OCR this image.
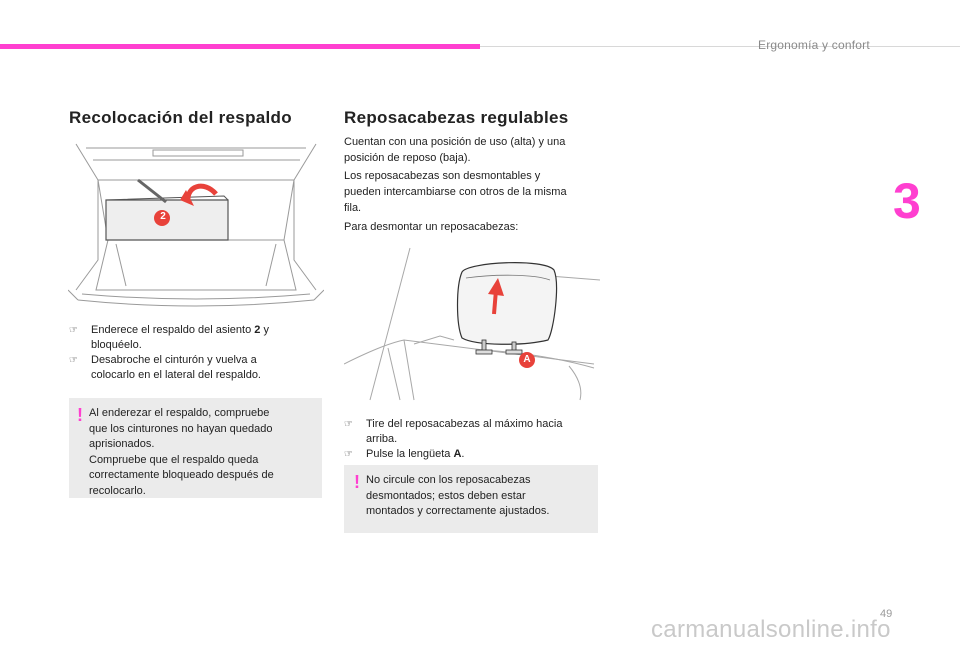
Ergonomía y confort
3
Recolocación del respaldo
2
☞ Enderece el respaldo del asiento 2 y
bloquéelo.
☞ Desabroche el cinturón y vuelva a
colocarlo en el lateral del respaldo.
! Al enderezar el respaldo, compruebe
que los cinturones no hayan quedado
aprisionados.
Compruebe que el respaldo queda
correctamente bloqueado después de
recolocarlo.
Reposacabezas regulables
Cuentan con una posición de uso (alta) y una
posición de reposo (baja).
Los reposacabezas son desmontables y
pueden intercambiarse con otros de la misma
fila.
Para desmontar un reposacabezas:
A
☞ Tire del reposacabezas al máximo hacia
arriba.
☞ Pulse la lengüeta A.
! No circule con los reposacabezas
desmontados; estos deben estar
montados y correctamente ajustados.
49
carmanualsonline.info
